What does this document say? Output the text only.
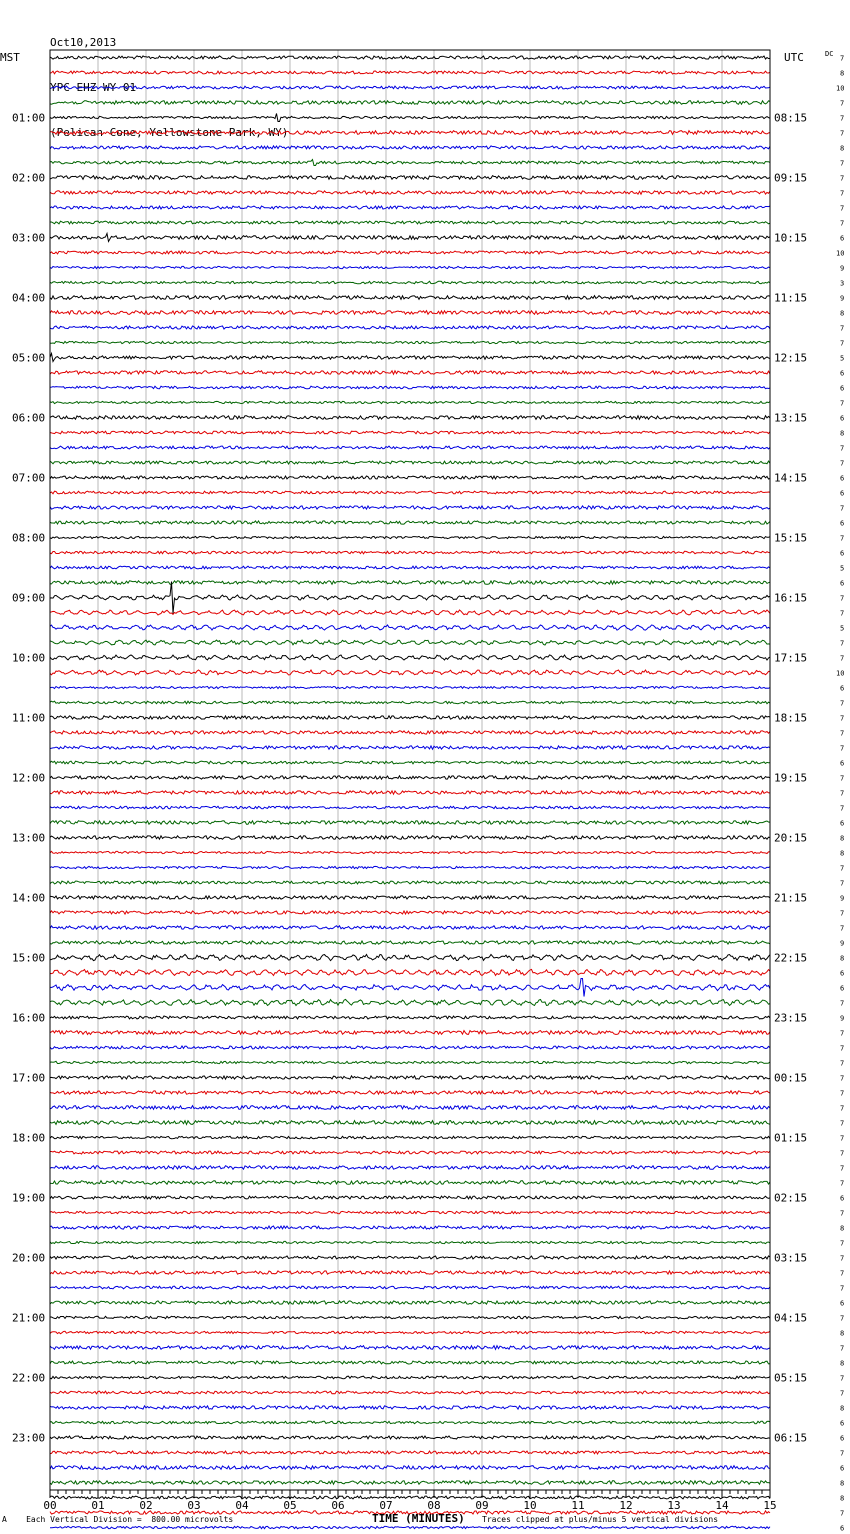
Oct10,2013

YPC EHZ WY 01

(Pelican Cone, Yellowstone Park, WY)

00	01	02	03	04	05	06	07	08	09	10	11	12	13	14	15
MST	UTC	DC
01:00
02:00
03:00
04:00
05:00
06:00
07:00
08:00
09:00
10:00
11:00
12:00
13:00
14:00
15:00
16:00
17:00
18:00
19:00
20:00
21:00
22:00
23:00
08:15
09:15
10:15
11:15
12:15
13:15
14:15
15:15
16:15
17:15
18:15
19:15
20:15
21:15
22:15
23:15
00:15
01:15
02:15
03:15
04:15
05:15
06:15
7
8
10
7
7
7
8
7
7
7
7
7
6
10
9
3
9
8
7
7
5
6
6
7
6
8
7
7
6
6
7
6
7
6
5
6
7
7
5
7
7
10
6
7
7
7
7
6
7
7
7
6
8
8
7
7
9
7
7
9
8
6
6
7
9
7
7
7
7
7
7
7
7
7
7
7
6
7
8
7
7
7
7
6
7
8
7
8
7
7
8
6
6
7
6
8
8
7
6
A Each Vertical Division =  800.00 microvolts	TIME (MINUTES) Traces clipped at plus/minus 5 vertical divisions
